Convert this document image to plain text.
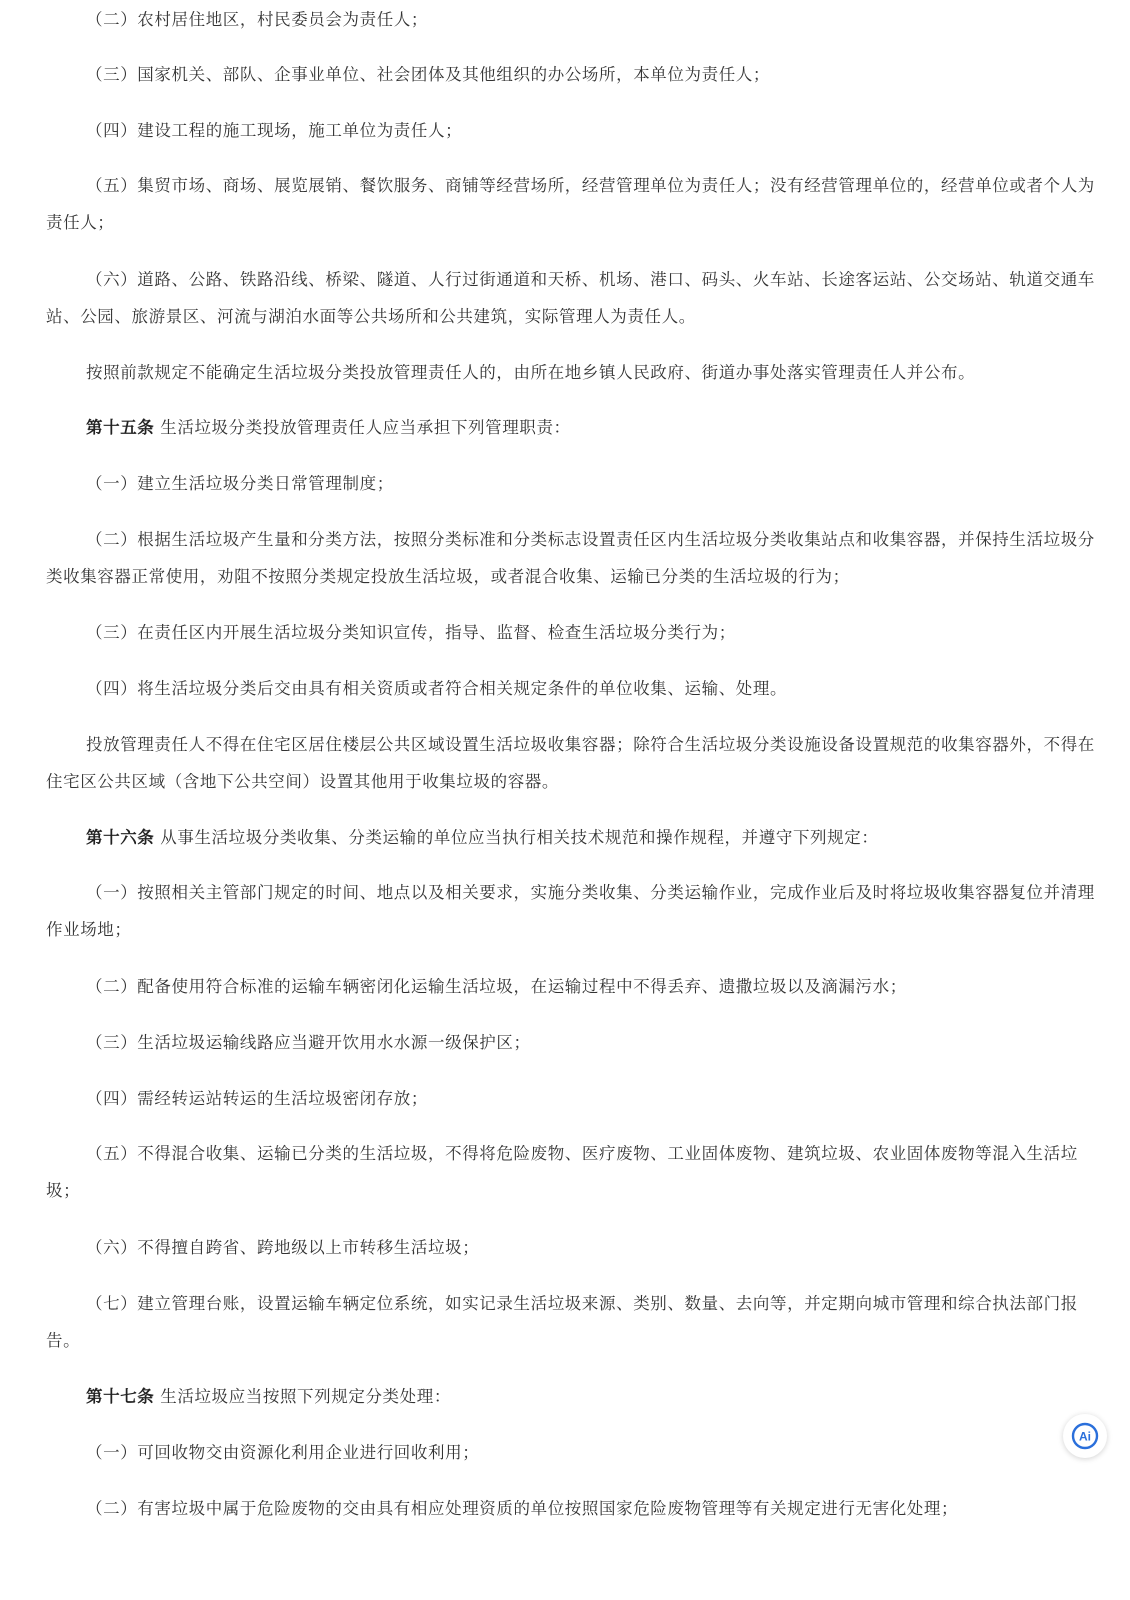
（二）农村居住地区，村民委员会为责任人；

（三）国家机关、部队、企事业单位、社会团体及其他组织的办公场所，本单位为责任人；

（四）建设工程的施工现场，施工单位为责任人；

（五）集贸市场、商场、展览展销、餐饮服务、商铺等经营场所，经营管理单位为责任人；没有经营管理单位的，经营单位或者个人为责任人；

（六）道路、公路、铁路沿线、桥梁、隧道、人行过街通道和天桥、机场、港口、码头、火车站、长途客运站、公交场站、轨道交通车站、公园、旅游景区、河流与湖泊水面等公共场所和公共建筑，实际管理人为责任人。

按照前款规定不能确定生活垃圾分类投放管理责任人的，由所在地乡镇人民政府、街道办事处落实管理责任人并公布。

第十五条 生活垃圾分类投放管理责任人应当承担下列管理职责：

（一）建立生活垃圾分类日常管理制度；

（二）根据生活垃圾产生量和分类方法，按照分类标准和分类标志设置责任区内生活垃圾分类收集站点和收集容器，并保持生活垃圾分类收集容器正常使用，劝阻不按照分类规定投放生活垃圾，或者混合收集、运输已分类的生活垃圾的行为；

（三）在责任区内开展生活垃圾分类知识宣传，指导、监督、检查生活垃圾分类行为；

（四）将生活垃圾分类后交由具有相关资质或者符合相关规定条件的单位收集、运输、处理。

投放管理责任人不得在住宅区居住楼层公共区域设置生活垃圾收集容器；除符合生活垃圾分类设施设备设置规范的收集容器外，不得在住宅区公共区域（含地下公共空间）设置其他用于收集垃圾的容器。

第十六条 从事生活垃圾分类收集、分类运输的单位应当执行相关技术规范和操作规程，并遵守下列规定：

（一）按照相关主管部门规定的时间、地点以及相关要求，实施分类收集、分类运输作业，完成作业后及时将垃圾收集容器复位并清理作业场地；

（二）配备使用符合标准的运输车辆密闭化运输生活垃圾，在运输过程中不得丢弃、遗撒垃圾以及滴漏污水；

（三）生活垃圾运输线路应当避开饮用水水源一级保护区；

（四）需经转运站转运的生活垃圾密闭存放；

（五）不得混合收集、运输已分类的生活垃圾，不得将危险废物、医疗废物、工业固体废物、建筑垃圾、农业固体废物等混入生活垃圾；

（六）不得擅自跨省、跨地级以上市转移生活垃圾；

（七）建立管理台账，设置运输车辆定位系统，如实记录生活垃圾来源、类别、数量、去向等，并定期向城市管理和综合执法部门报告。

第十七条 生活垃圾应当按照下列规定分类处理：

（一）可回收物交由资源化利用企业进行回收利用；

（二）有害垃圾中属于危险废物的交由具有相应处理资质的单位按照国家危险废物管理等有关规定进行无害化处理；

Ai
